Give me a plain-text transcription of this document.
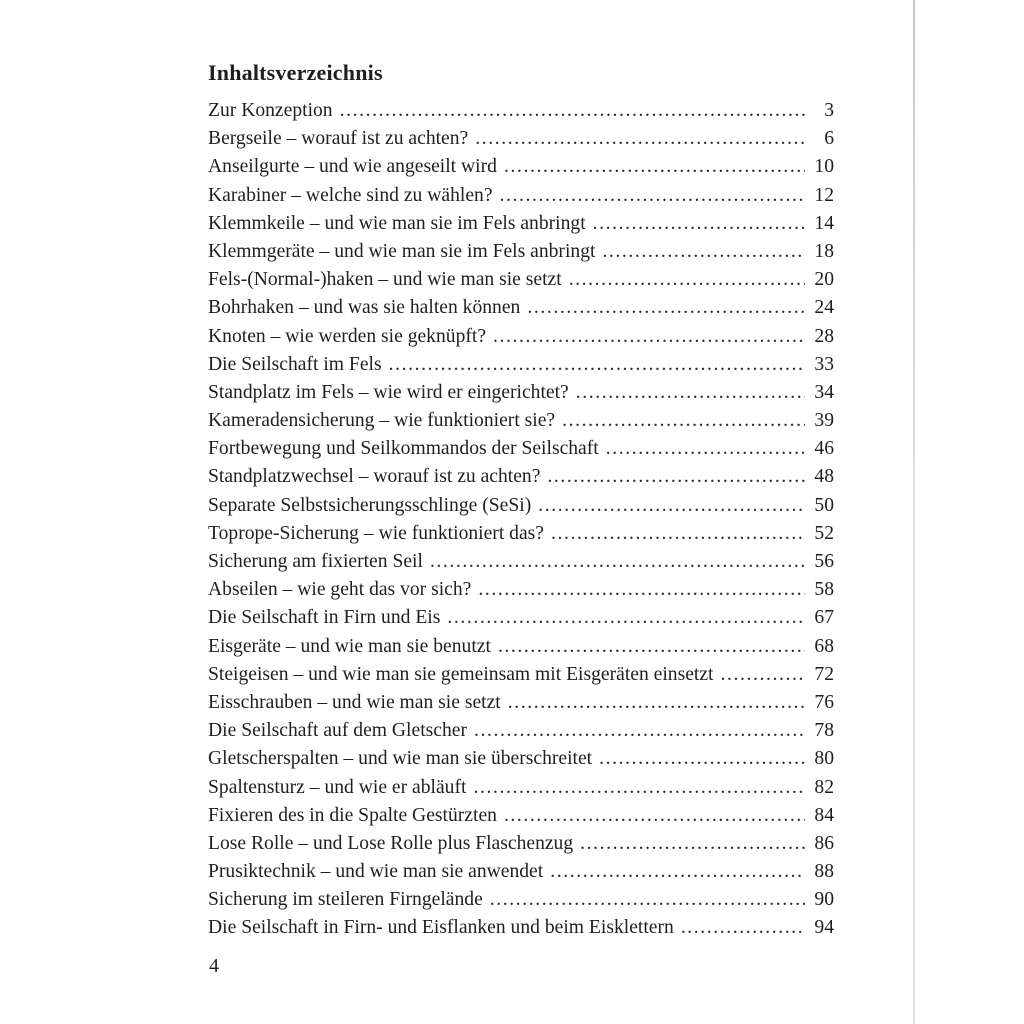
Inhaltsverzeichnis
Zur Konzeption .....	3
Bergseile – worauf ist zu achten? .....	6
Anseilgurte – und wie angeseilt wird .....	10
Karabiner – welche sind zu wählen? .....	12
Klemmkeile – und wie man sie im Fels anbringt .....	14
Klemmgeräte – und wie man sie im Fels anbringt .....	18
Fels-(Normal-)haken – und wie man sie setzt .....	20
Bohrhaken – und was sie halten können .....	24
Knoten – wie werden sie geknüpft? .....	28
Die Seilschaft im Fels .....	33
Standplatz im Fels – wie wird er eingerichtet? .....	34
Kameradensicherung – wie funktioniert sie? .....	39
Fortbewegung und Seilkommandos der Seilschaft .....	46
Standplatzwechsel – worauf ist zu achten? .....	48
Separate Selbstsicherungsschlinge (SeSi) .....	50
Toprope-Sicherung – wie funktioniert das? .....	52
Sicherung am fixierten Seil .....	56
Abseilen – wie geht das vor sich? .....	58
Die Seilschaft in Firn und Eis .....	67
Eisgeräte – und wie man sie benutzt .....	68
Steigeisen – und wie man sie gemeinsam mit Eisgeräten einsetzt .....	72
Eisschrauben – und wie man sie setzt .....	76
Die Seilschaft auf dem Gletscher .....	78
Gletscherspalten – und wie man sie überschreitet .....	80
Spaltensturz – und wie er abläuft .....	82
Fixieren des in die Spalte Gestürzten .....	84
Lose Rolle – und Lose Rolle plus Flaschenzug .....	86
Prusiktechnik – und wie man sie anwendet .....	88
Sicherung im steileren Firngelände .....	90
Die Seilschaft in Firn- und Eisflanken und beim Eisklettern .....	94
4
